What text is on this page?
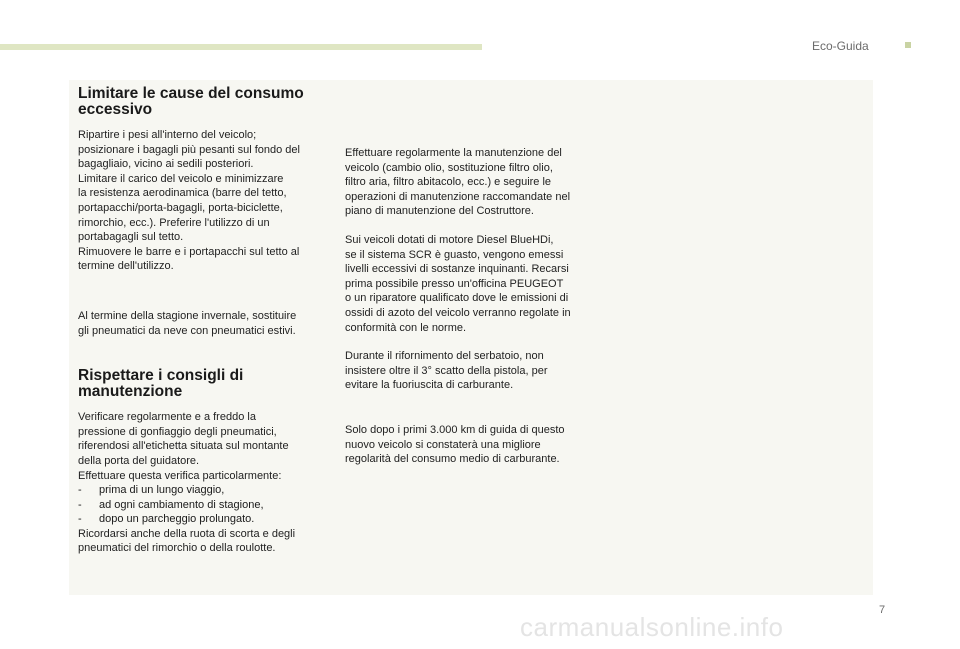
Eco-Guida
Limitare le cause del consumo
eccessivo

Ripartire i pesi all'interno del veicolo;
posizionare i bagagli più pesanti sul fondo del
bagagliaio, vicino ai sedili posteriori.
Limitare il carico del veicolo e minimizzare
la resistenza aerodinamica (barre del tetto,
portapacchi/porta-bagagli, porta-biciclette,
rimorchio, ecc.). Preferire l'utilizzo di un
portabagagli sul tetto.
Rimuovere le barre e i portapacchi sul tetto al
termine dell'utilizzo.

Al termine della stagione invernale, sostituire
gli pneumatici da neve con pneumatici estivi.

Rispettare i consigli di
manutenzione

Verificare regolarmente e a freddo la
pressione di gonfiaggio degli pneumatici,
riferendosi all'etichetta situata sul montante
della porta del guidatore.
Effettuare questa verifica particolarmente:

- prima di un lungo viaggio,
- ad ogni cambiamento di stagione,
- dopo un parcheggio prolungato.

Ricordarsi anche della ruota di scorta e degli
pneumatici del rimorchio o della roulotte.

Effettuare regolarmente la manutenzione del
veicolo (cambio olio, sostituzione filtro olio,
filtro aria, filtro abitacolo, ecc.) e seguire le
operazioni di manutenzione raccomandate nel
piano di manutenzione del Costruttore.

Sui veicoli dotati di motore Diesel BlueHDi,
se il sistema SCR è guasto, vengono emessi
livelli eccessivi di sostanze inquinanti. Recarsi
prima possibile presso un'officina PEUGEOT
o un riparatore qualificato dove le emissioni di
ossidi di azoto del veicolo verranno regolate in
conformità con le norme.

Durante il rifornimento del serbatoio, non
insistere oltre il 3° scatto della pistola, per
evitare la fuoriuscita di carburante.

Solo dopo i primi 3.000 km di guida di questo
nuovo veicolo si constaterà una migliore
regolarità del consumo medio di carburante.

7
carmanualsonline.info
